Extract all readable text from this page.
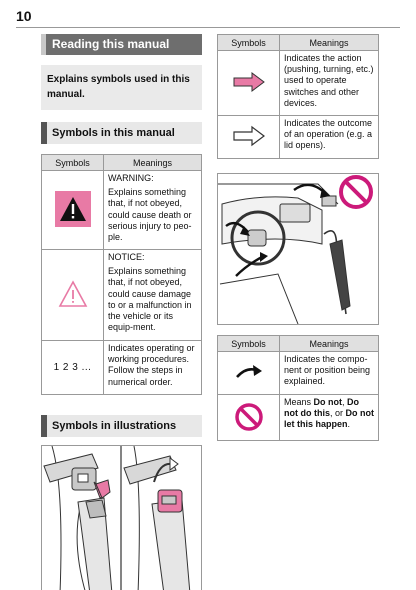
10
Reading this manual
Explains symbols used in this manual.
Symbols in this manual
Symbols	Meanings

WARNING:

Explains something that, if not obeyed, could cause death or serious injury to peo-ple.

NOTICE:

Explains something that, if not obeyed, could cause damage to or a malfunction in the vehicle or its equip-ment.

1 2 3 ...	Indicates operating or working procedures. Follow the steps in numerical order.

Symbols in illustrations
Symbols	Meanings

Indicates the action (pushing, turning, etc.) used to operate switches and other devices.

Indicates the outcome of an operation (e.g. a lid opens).

Symbols	Meanings

Indicates the compo-nent or position being explained.

Means Do not, Do not do this, or Do not let this happen.
